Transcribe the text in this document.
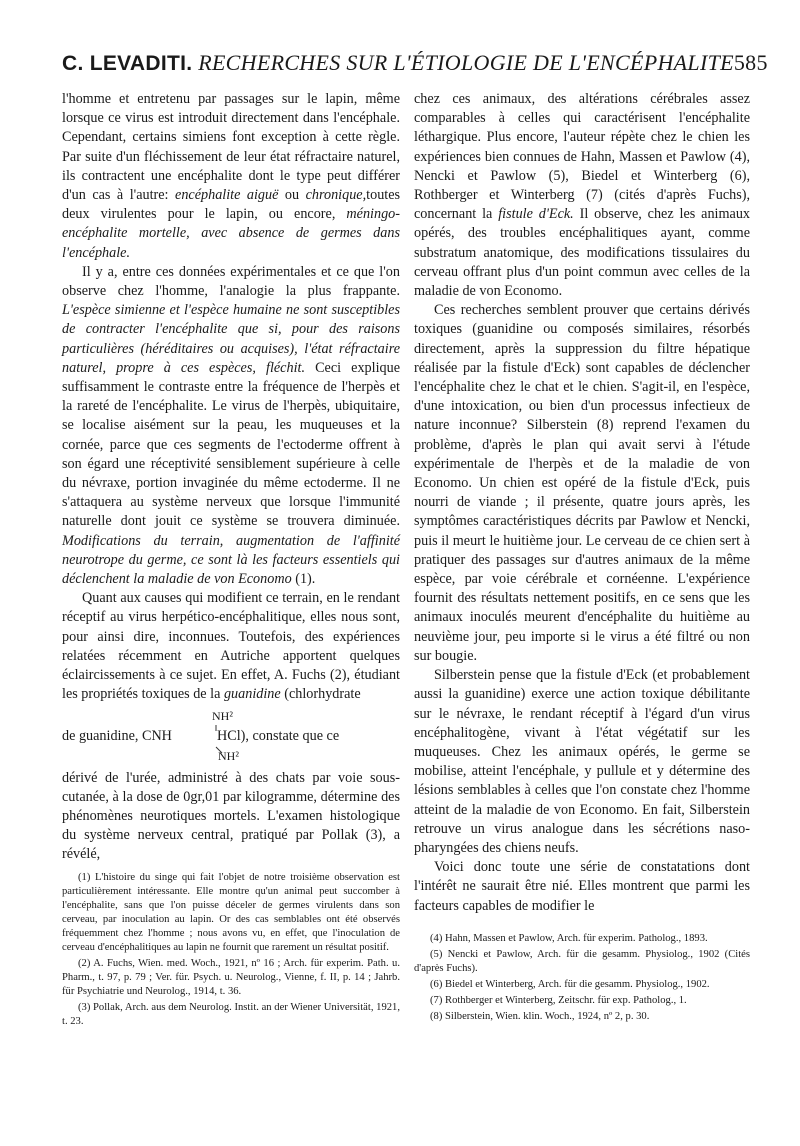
C. LEVADITI. RECHERCHES SUR L'ÉTIOLOGIE DE L'ENCÉPHALITE585

l'homme et entretenu par passages sur le lapin, même lorsque ce virus est introduit directement dans l'encéphale. Cependant, certains simiens font exception à cette règle. Par suite d'un fléchissement de leur état réfractaire naturel, ils contractent une encéphalite dont le type peut différer d'un cas à l'autre: encéphalite aiguë ou chronique,toutes deux virulentes pour le lapin, ou encore, méningo-encéphalite mortelle, avec absence de germes dans l'encéphale.

Il y a, entre ces données expérimentales et ce que l'on observe chez l'homme, l'analogie la plus frappante. L'espèce simienne et l'espèce humaine ne sont susceptibles de contracter l'encéphalite que si, pour des raisons particulières (héréditaires ou acquises), l'état réfractaire naturel, propre à ces espèces, fléchit. Ceci explique suffisamment le contraste entre la fréquence de l'herpès et la rareté de l'encéphalite. Le virus de l'herpès, ubiquitaire, se localise aisément sur la peau, les muqueuses et la cornée, parce que ces segments de l'ectoderme offrent à son égard une réceptivité sensiblement supérieure à celle du névraxe, portion invaginée du même ectoderme. Il ne s'attaquera au système nerveux que lorsque l'immunité naturelle dont jouit ce système se trouvera diminuée. Modifications du terrain, augmentation de l'affinité neurotrope du germe, ce sont là les facteurs essentiels qui déclenchent la maladie de von Economo (1).

Quant aux causes qui modifient ce terrain, en le rendant réceptif au virus herpético-encéphalitique, elles nous sont, pour ainsi dire, inconnues. Toutefois, des expériences relatées récemment en Autriche apportent quelques éclaircissements à ce sujet. En effet, A. Fuchs (2), étudiant les propriétés toxiques de la guanidine (chlorhydrate

NH²
de guanidine, CNH	HCl), constate que ce
NH²

dérivé de l'urée, administré à des chats par voie sous-cutanée, à la dose de 0gr,01 par kilogramme, détermine des phénomènes neurotiques mortels. L'examen histologique du système nerveux central, pratiqué par Pollak (3), a révélé,

(1) L'histoire du singe qui fait l'objet de notre troisième observation est particulièrement intéressante. Elle montre qu'un animal peut succomber à l'encéphalite, sans que l'on puisse déceler de germes virulents dans son cerveau, par inoculation au lapin. Or des cas semblables ont été observés fréquemment chez l'homme ; nous avons vu, en effet, que l'inoculation de cerveau d'encéphalitiques au lapin ne fournit que rarement un résultat positif.

(2) A. Fuchs, Wien. med. Woch., 1921, nº 16 ; Arch. für experim. Path. u. Pharm., t. 97, p. 79 ; Ver. für. Psych. u. Neurolog., Vienne, f. II, p. 14 ; Jahrb. für Psychiatrie und Neurolog., 1914, t. 36.

(3) Pollak, Arch. aus dem Neurolog. Instit. an der Wiener Universität, 1921, t. 23.

chez ces animaux, des altérations cérébrales assez comparables à celles qui caractérisent l'encéphalite léthargique. Plus encore, l'auteur répète chez le chien les expériences bien connues de Hahn, Massen et Pawlow (4), Nencki et Pawlow (5), Biedel et Winterberg (6), Rothberger et Winterberg (7) (cités d'après Fuchs), concernant la fistule d'Eck. Il observe, chez les animaux opérés, des troubles encéphalitiques ayant, comme substratum anatomique, des modifications tissulaires du cerveau offrant plus d'un point commun avec celles de la maladie de von Economo.

Ces recherches semblent prouver que certains dérivés toxiques (guanidine ou composés similaires, résorbés directement, après la suppression du filtre hépatique réalisée par la fistule d'Eck) sont capables de déclencher l'encéphalite chez le chat et le chien. S'agit-il, en l'espèce, d'une intoxication, ou bien d'un processus infectieux de nature inconnue? Silberstein (8) reprend l'examen du problème, d'après le plan qui avait servi à l'étude expérimentale de l'herpès et de la maladie de von Economo. Un chien est opéré de la fistule d'Eck, puis nourri de viande ; il présente, quatre jours après, les symptômes caractéristiques décrits par Pawlow et Nencki, puis il meurt le huitième jour. Le cerveau de ce chien sert à pratiquer des passages sur d'autres animaux de la même espèce, par voie cérébrale et cornéenne. L'expérience fournit des résultats nettement positifs, en ce sens que les animaux inoculés meurent d'encéphalite du huitième au neuvième jour, peu importe si le virus a été filtré ou non sur bougie.

Silberstein pense que la fistule d'Eck (et probablement aussi la guanidine) exerce une action toxique débilitante sur le névraxe, le rendant réceptif à l'égard d'un virus encéphalitogène, vivant à l'état végétatif sur les muqueuses. Chez les animaux opérés, le germe se mobilise, atteint l'encéphale, y pullule et y détermine des lésions semblables à celles que l'on constate chez l'homme atteint de la maladie de von Economo. En fait, Silberstein retrouve un virus analogue dans les sécrétions naso-pharyngées des chiens neufs.

Voici donc toute une série de constatations dont l'intérêt ne saurait être nié. Elles montrent que parmi les facteurs capables de modifier le

(4) Hahn, Massen et Pawlow, Arch. für experim. Patholog., 1893.

(5) Nencki et Pawlow, Arch. für die gesamm. Physiolog., 1902 (Cités d'après Fuchs).

(6) Biedel et Winterberg, Arch. für die gesamm. Physiolog., 1902.

(7) Rothberger et Winterberg, Zeitschr. für exp. Patholog., 1.

(8) Silberstein, Wien. klin. Woch., 1924, nº 2, p. 30.
